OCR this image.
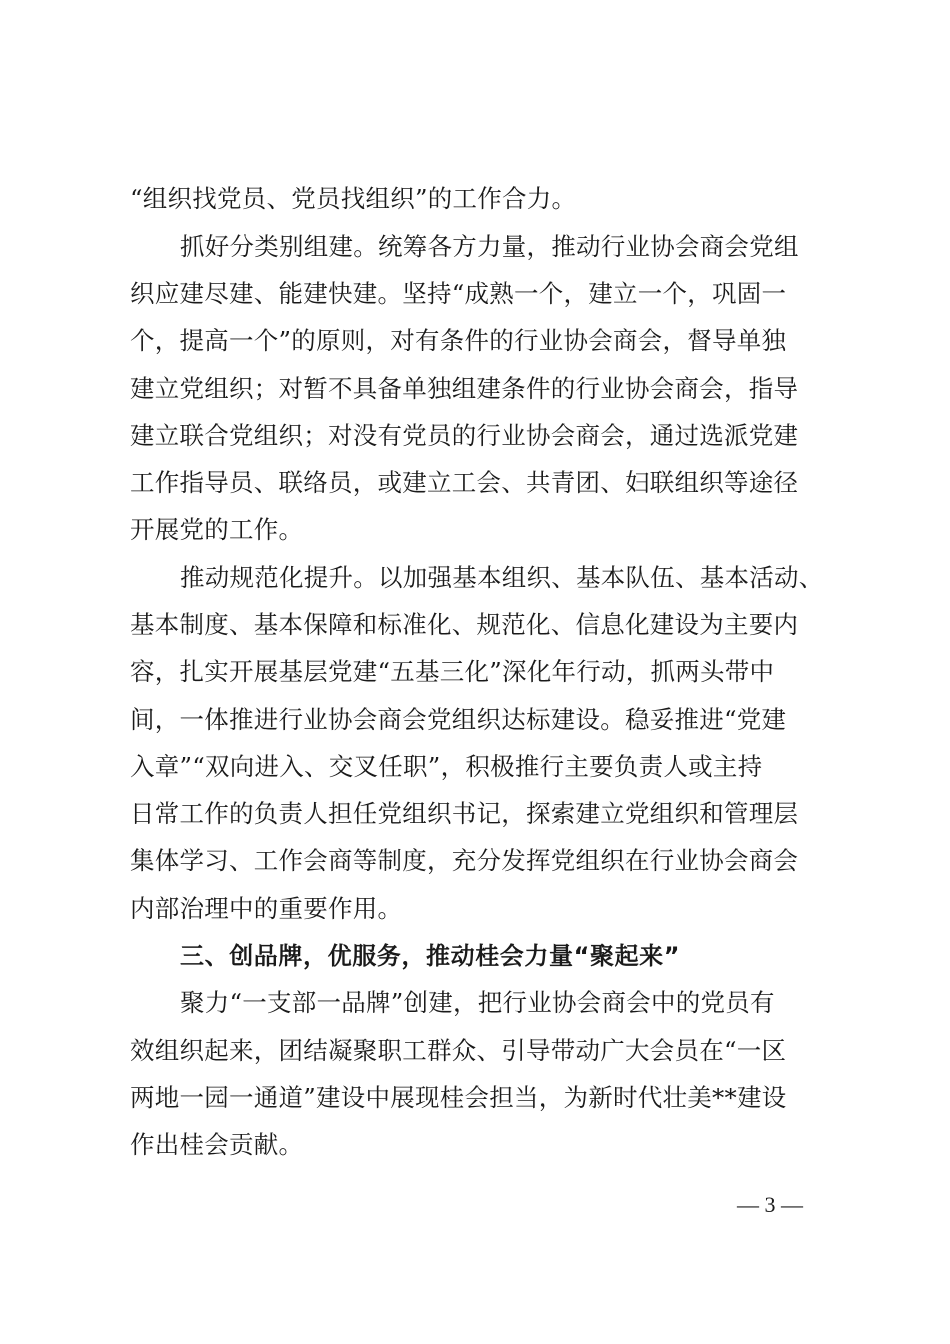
“组织找党员、党员找组织”的工作合力。
抓好分类别组建。统筹各方力量，推动行业协会商会党组
织应建尽建、能建快建。坚持“成熟一个，建立一个，巩固一
个，提高一个”的原则，对有条件的行业协会商会，督导单独
建立党组织；对暂不具备单独组建条件的行业协会商会，指导
建立联合党组织；对没有党员的行业协会商会，通过选派党建
工作指导员、联络员，或建立工会、共青团、妇联组织等途径
开展党的工作。
推动规范化提升。以加强基本组织、基本队伍、基本活动、
基本制度、基本保障和标准化、规范化、信息化建设为主要内
容，扎实开展基层党建“五基三化”深化年行动，抓两头带中
间，一体推进行业协会商会党组织达标建设。稳妥推进“党建
入章”“双向进入、交叉任职”，积极推行主要负责人或主持
日常工作的负责人担任党组织书记，探索建立党组织和管理层
集体学习、工作会商等制度，充分发挥党组织在行业协会商会
内部治理中的重要作用。
三、创品牌，优服务，推动桂会力量“聚起来”
聚力“一支部一品牌”创建，把行业协会商会中的党员有
效组织起来，团结凝聚职工群众、引导带动广大会员在“一区
两地一园一通道”建设中展现桂会担当，为新时代壮美**建设
作出桂会贡献。
— 3 —
